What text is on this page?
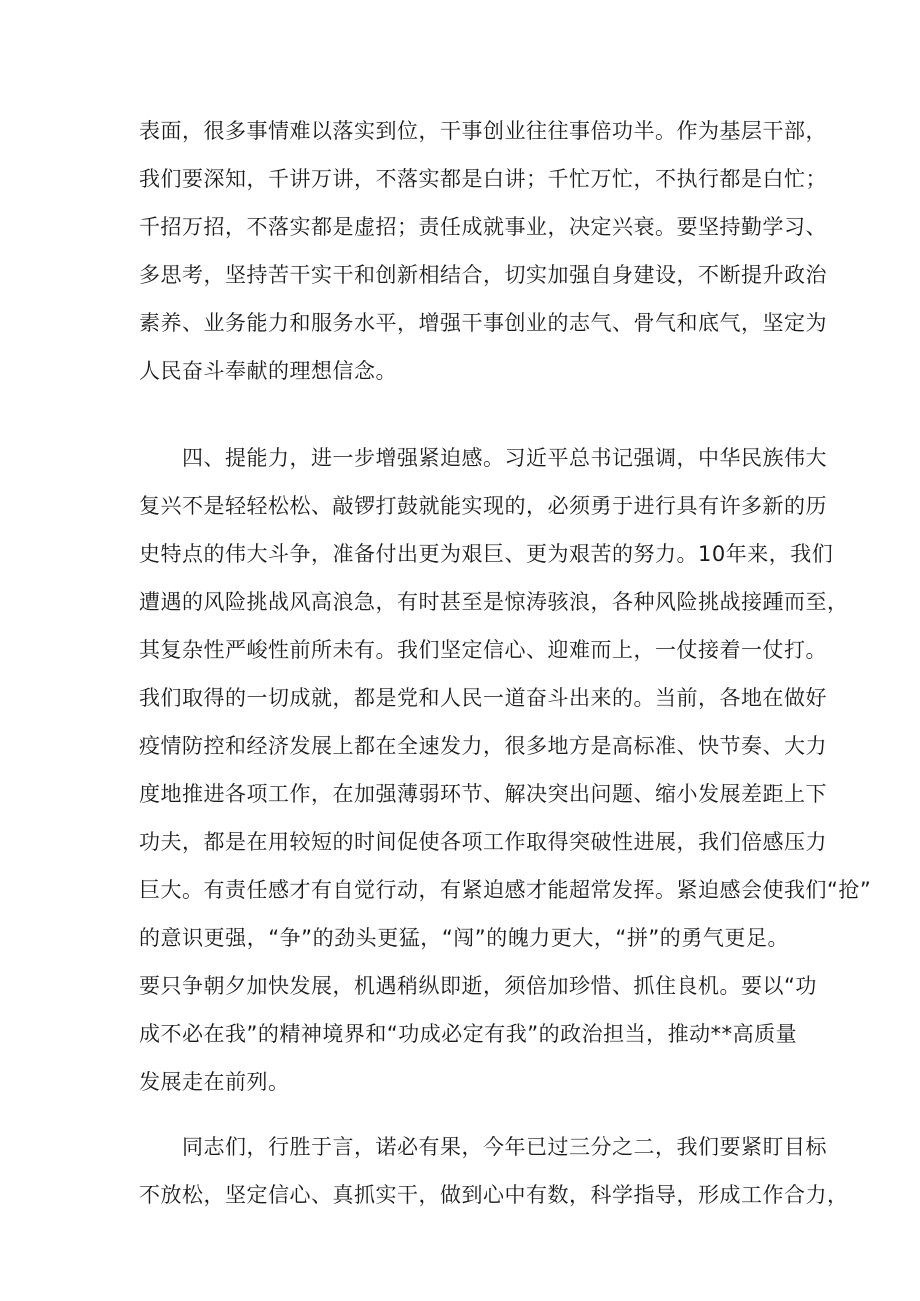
表面，很多事情难以落实到位，干事创业往往事倍功半。作为基层干部，
我们要深知，千讲万讲，不落实都是白讲；千忙万忙，不执行都是白忙；
千招万招，不落实都是虚招；责任成就事业，决定兴衰。要坚持勤学习、
多思考，坚持苦干实干和创新相结合，切实加强自身建设，不断提升政治
素养、业务能力和服务水平，增强干事创业的志气、骨气和底气，坚定为
人民奋斗奉献的理想信念。
　　四、提能力，进一步增强紧迫感。习近平总书记强调，中华民族伟大
复兴不是轻轻松松、敲锣打鼓就能实现的，必须勇于进行具有许多新的历
史特点的伟大斗争，准备付出更为艰巨、更为艰苦的努力。10年来，我们
遭遇的风险挑战风高浪急，有时甚至是惊涛骇浪，各种风险挑战接踵而至，
其复杂性严峻性前所未有。我们坚定信心、迎难而上，一仗接着一仗打。
我们取得的一切成就，都是党和人民一道奋斗出来的。当前，各地在做好
疫情防控和经济发展上都在全速发力，很多地方是高标准、快节奏、大力
度地推进各项工作，在加强薄弱环节、解决突出问题、缩小发展差距上下
功夫，都是在用较短的时间促使各项工作取得突破性进展，我们倍感压力
巨大。有责任感才有自觉行动，有紧迫感才能超常发挥。紧迫感会使我们“抢”
的意识更强，“争”的劲头更猛，“闯”的魄力更大，“拼”的勇气更足。
要只争朝夕加快发展，机遇稍纵即逝，须倍加珍惜、抓住良机。要以“功
成不必在我”的精神境界和“功成必定有我”的政治担当，推动**高质量
发展走在前列。
　　同志们，行胜于言，诺必有果，今年已过三分之二，我们要紧盯目标
不放松，坚定信心、真抓实干，做到心中有数，科学指导，形成工作合力，
